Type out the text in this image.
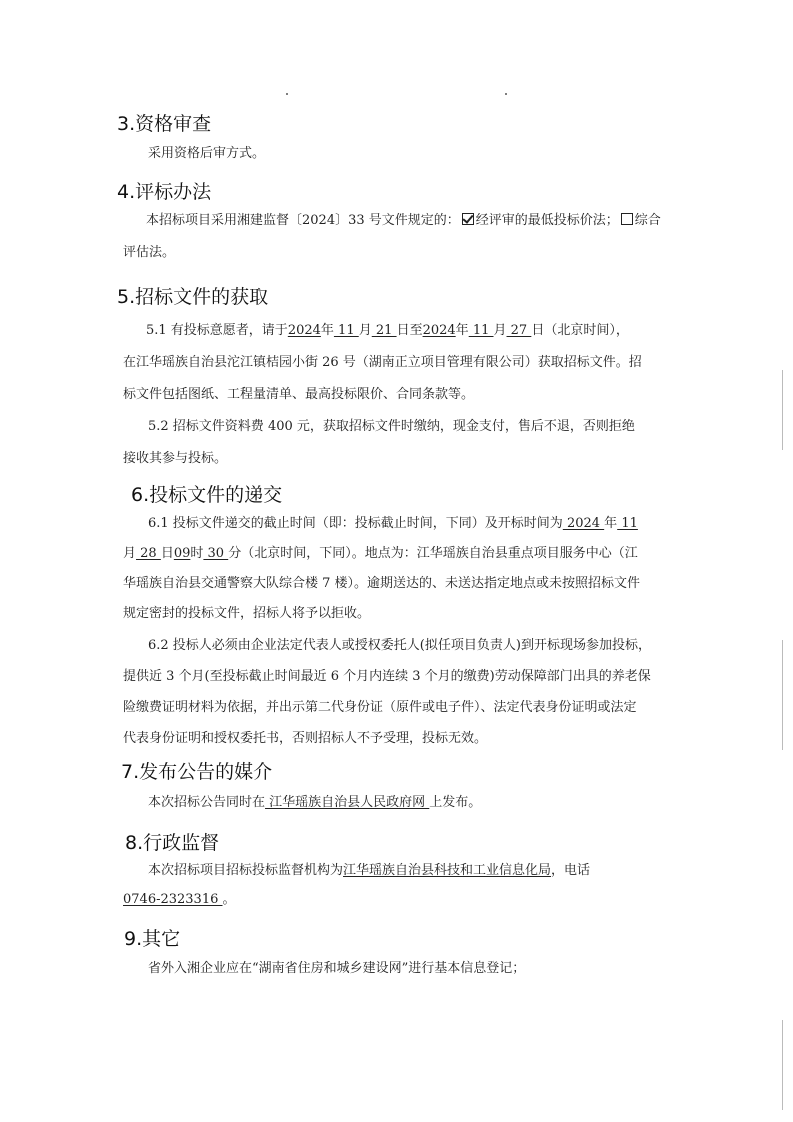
3.资格审查
采用资格后审方式。
4.评标办法
本招标项目采用湘建监督〔2024〕33 号文件规定的： 经评审的最低投标价法； 综合
评估法。
5.招标文件的获取
5.1 有投标意愿者，请于2024年 11 月 21 日至2024年 11 月 27 日（北京时间），
在江华瑶族自治县沱江镇桔园小街 26 号（湖南正立项目管理有限公司）获取招标文件。招
标文件包括图纸、工程量清单、最高投标限价、合同条款等。
5.2 招标文件资料费 400 元，获取招标文件时缴纳，现金支付，售后不退，否则拒绝
接收其参与投标。
6.投标文件的递交
6.1 投标文件递交的截止时间（即：投标截止时间，下同）及开标时间为 2024 年 11
月 28 日09时 30 分（北京时间，下同）。地点为：江华瑶族自治县重点项目服务中心（江
华瑶族自治县交通警察大队综合楼 7 楼）。逾期送达的、未送达指定地点或未按照招标文件
规定密封的投标文件，招标人将予以拒收。
6.2 投标人必须由企业法定代表人或授权委托人(拟任项目负责人)到开标现场参加投标，
提供近 3 个月(至投标截止时间最近 6 个月内连续 3 个月的缴费)劳动保障部门出具的养老保
险缴费证明材料为依据，并出示第二代身份证（原件或电子件）、法定代表身份证明或法定
代表身份证明和授权委托书，否则招标人不予受理，投标无效。
7.发布公告的媒介
本次招标公告同时在 江华瑶族自治县人民政府网 上发布。
8.行政监督
本次招标项目招标投标监督机构为江华瑶族自治县科技和工业信息化局，电话
0746-2323316 。
9.其它
省外入湘企业应在“湖南省住房和城乡建设网”进行基本信息登记；
